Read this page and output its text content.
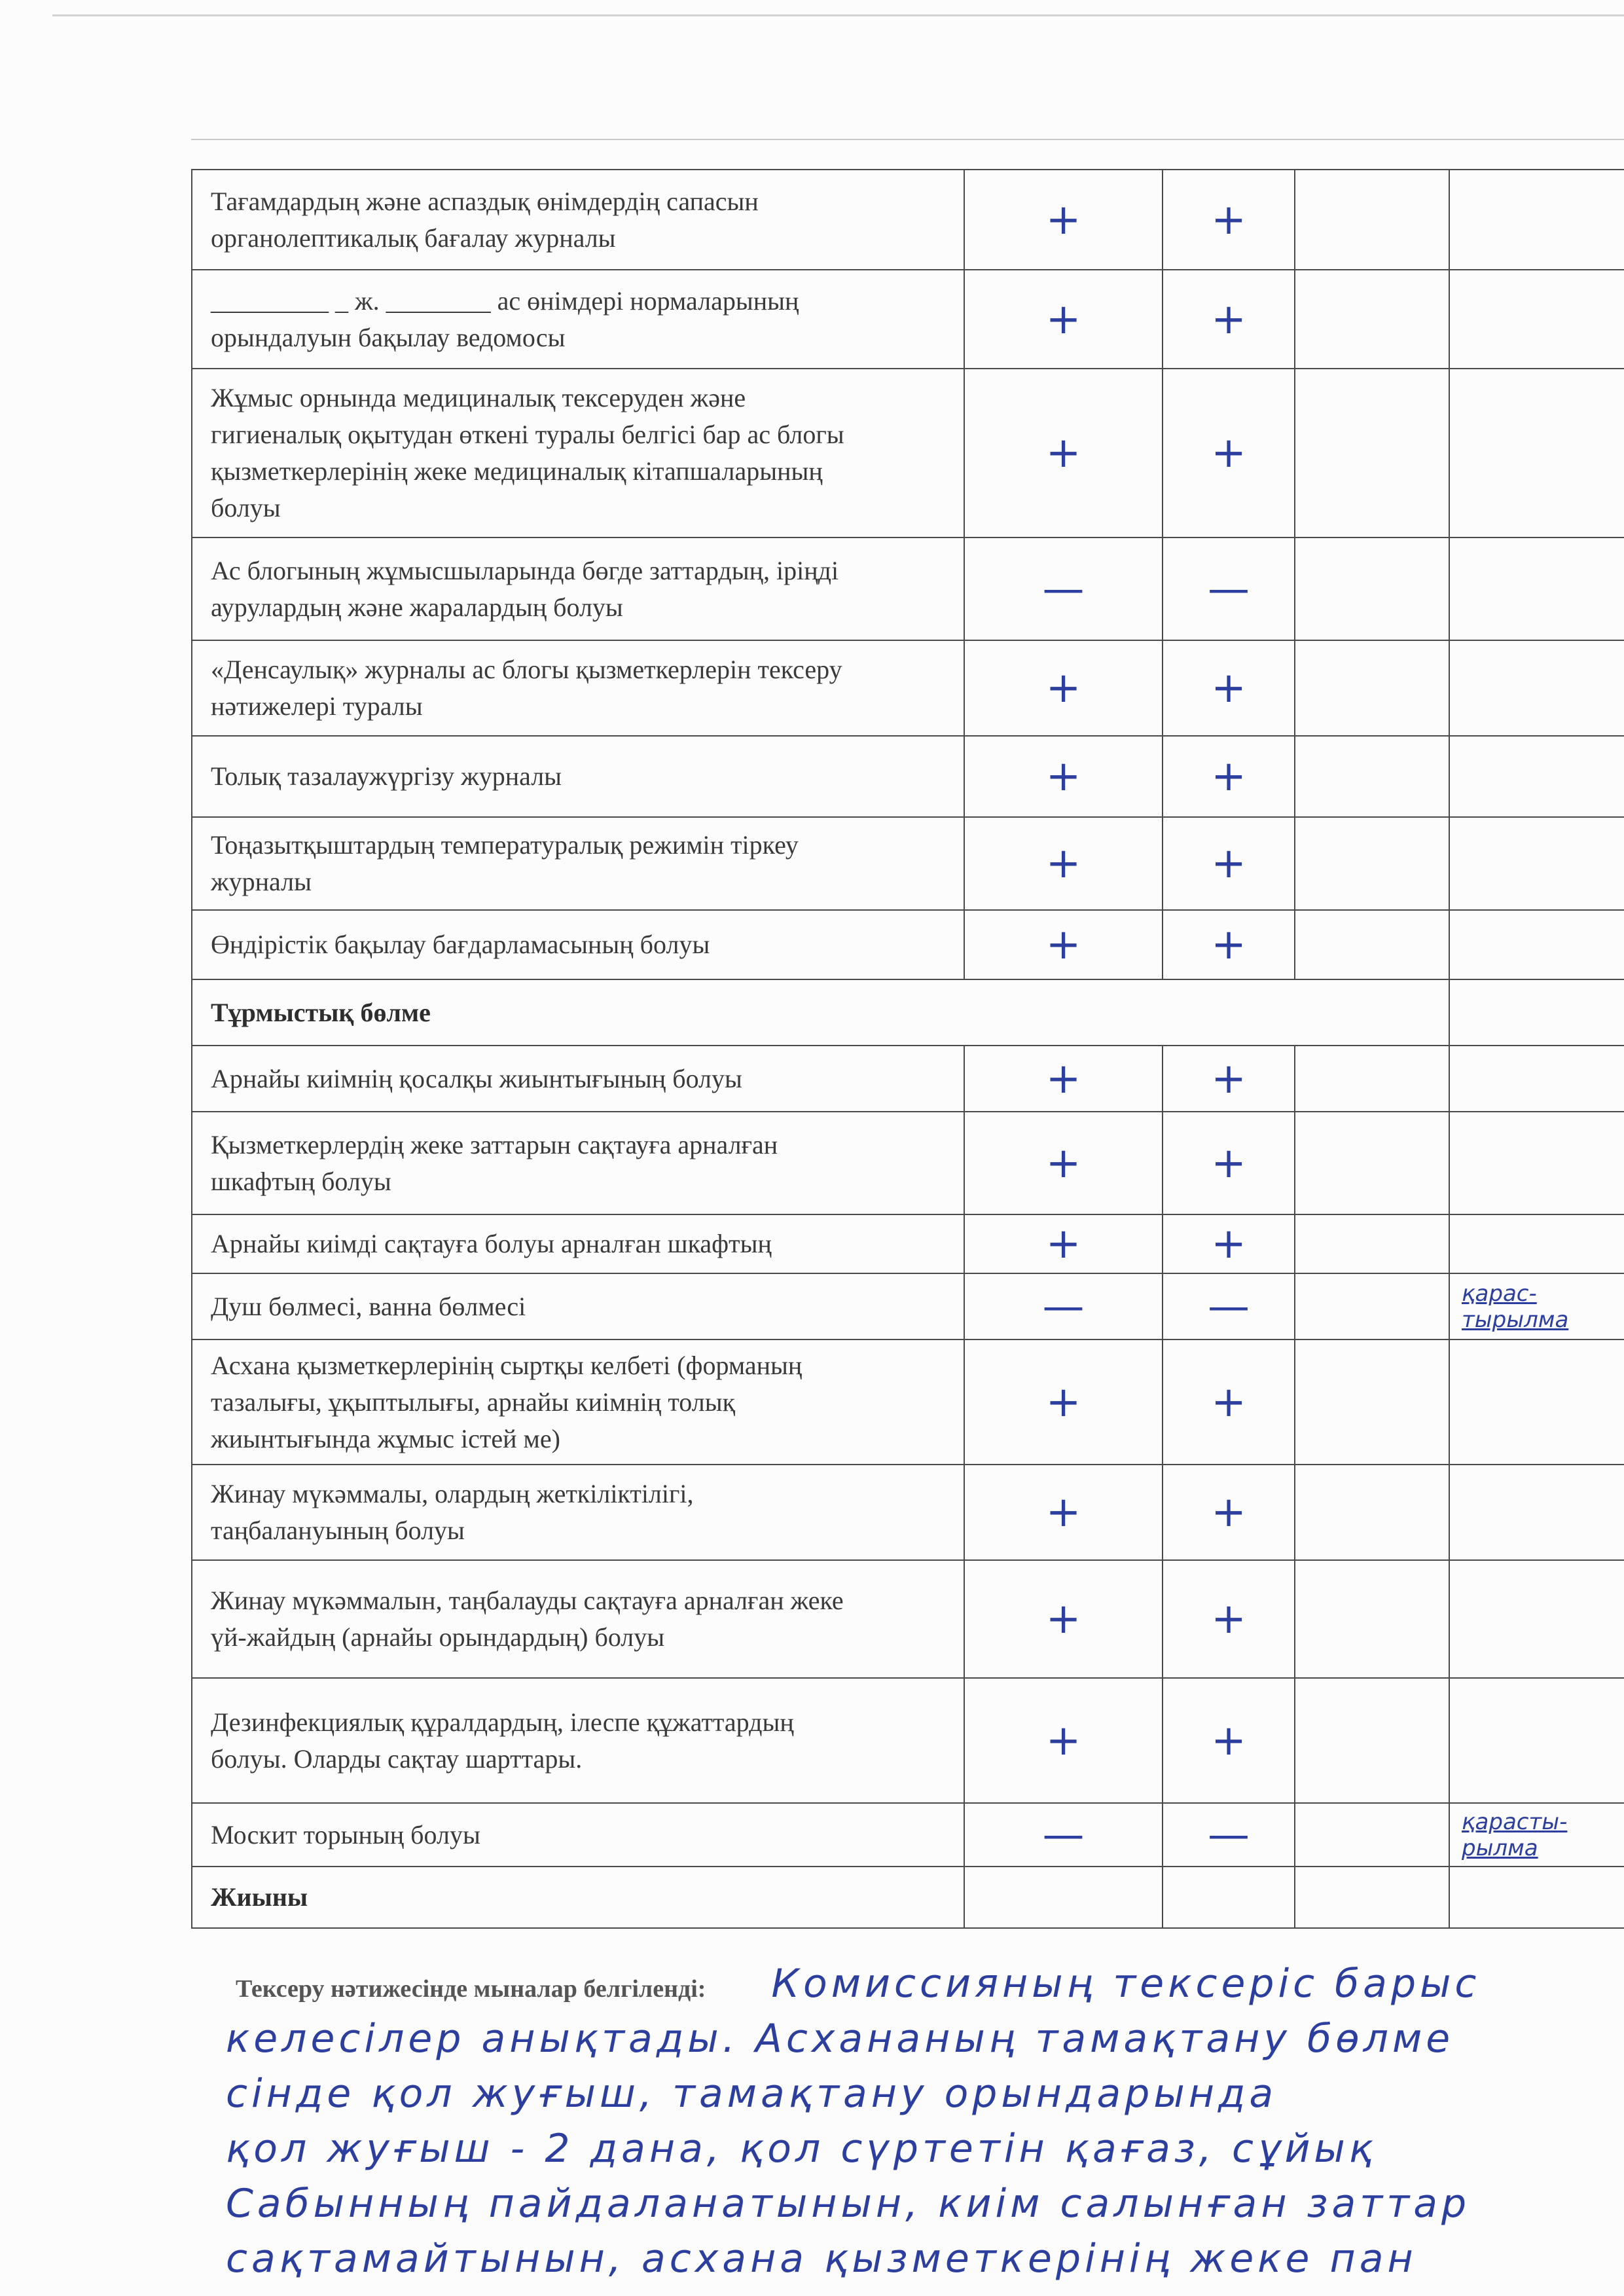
Тағамдардың және аспаздық өнімдердің сапасын
органолептикалық бағалау журналы	+	+		
_________ _ ж. ________ ас өнімдері нормаларының
орындалуын бақылау ведомосы	+	+		
Жұмыс орнында медициналық тексеруден және
гигиеналық оқытудан өткені туралы белгісі бар ас блогы
қызметкерлерінің жеке медициналық кітапшаларының
болуы	+	+		
Ас блогының жұмысшыларында бөгде заттардың, іріңді
аурулардың және жаралардың болуы	—	—		
«Денсаулық» журналы ас блогы қызметкерлерін тексеру
нәтижелері туралы	+	+		
Толық тазалаужүргізу журналы	+	+		
Тоңазытқыштардың температуралық режимін тіркеу
журналы	+	+		
Өндірістік бақылау бағдарламасының болуы	+	+		
Тұрмыстық бөлме				
Арнайы киімнің қосалқы жиынтығының болуы	+	+		
Қызметкерлердің жеке заттарын сақтауға арналған
шкафтың болуы	+	+		
Арнайы киімді сақтауға болуы арналған шкафтың	+	+		
Душ бөлмесі, ванна бөлмесі	—	—		қарас-
тырылма
Асхана қызметкерлерінің сыртқы келбеті (форманың
тазалығы, ұқыптылығы, арнайы киімнің толық
жиынтығында жұмыс істей ме)	+	+		
Жинау мүкәммалы, олардың жеткіліктілігі,
таңбалануының болуы	+	+		
Жинау мүкәммалын, таңбалауды сақтауға арналған жеке
үй-жайдың (арнайы орындардың) болуы	+	+		
Дезинфекциялық құралдардың, ілеспе құжаттардың
болуы. Оларды сақтау шарттары.	+	+		
Москит торының болуы	—	—		қарасты-
рылма
Жиыны				
Тексеру нәтижесінде мыналар белгіленді: Комиссияның тексеріс барыс
келесілер анықтады. Асхананың тамақтану бөлме
сінде қол жуғыш, тамақтану орындарында
қол жуғыш - 2 дана, қол сүртетін қағаз, сұйық
Сабынның пайдаланатынын, киім салынған заттар
сақтамайтынын, асхана қызметкерінің жеке пан
